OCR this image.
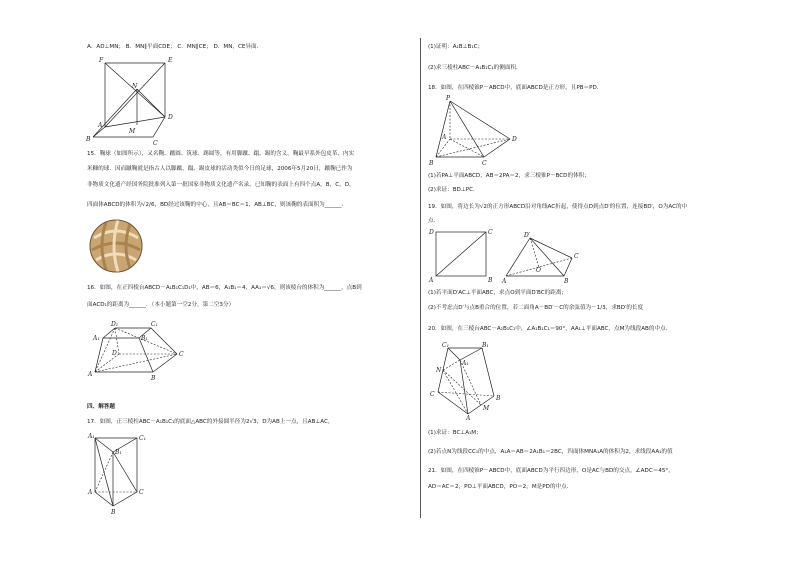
A．AD⊥MN； B．MN∥平面CDE； C．MN∥CE； D．MN，CE异面．
F	E
N
A
D
M
B
C
15．鞠球（如图所示），又名鞠、蹴圆、筑球、踢圆等，有用脚蹴、蹋、踢的含义，鞠最早系外包皮革、内实
米糠的球．因而蹴鞠就是指古人以脚蹴、蹋、踢皮球的活动类似今日的足球，2006年5月20日，蹴鞠已作为
非物质文化遗产经国务院批准列入第一批国家非物质文化遗产名录，已知鞠的表面上有四个点A，B，C，D，
四面体ABCD的体积为√2/6，BD经过该鞠的中心，且AB＝BC＝1，AB⊥BC，则该鞠的表面积为______．
16．如图，在正四棱台ABCD－A₁B₁C₁D₁中，AB＝6，A₁B₁＝4，AA₁＝√6，则该棱台的体积为______，点B到
面ACD₁的距离为______．（本小题第一空2分，第二空3分）
D₁	C₁
A₁	B₁
D	C
A
B
四、解答题
17．如图，正三棱柱ABC－A₁B₁C₁的底面△ABC的外接圆半径为2√3，D为AB上一点，且AB⊥AC，
A₁	C₁
B₁
A	C
B
(1)证明：A₁B⊥B₁C；
(2)求三棱柱ABC－A₁B₁C₁的侧面积．
18．如图，在四棱锥P－ABCD中，底面ABCD是正方形，且PB＝PD．
P
A
B	C
D
(1)若PA⊥平面ABCD，AB＝2PA＝2，求三棱锥P－BCD的体积；
(2)求证：BD⊥PC．
19．如图，将边长为√2的正方形ABCD沿对角线AC折起，使得点D到点D′的位置，连接BD′，O为AC的中
点．
D	C
A	B
D′
C
O
A	B
(1)若平面D′AC⊥平面ABC，求点O到平面D′BC的距离；
(2)不考虑点D′与点B重合的位置，若二面角A－BD′－C的余弦值为－1/3，求BD′的长度
20．如图，在三棱台ABC－A₁B₁C₁中，∠A₁B₁C₁＝90°，AA₁⊥平面ABC，点M为线段AB的中点．
C₁	B₁
A₁
N
C
B
M
A
(1)求证：BC⊥A₁M；
(2)若点N为线段CC₁的中点，A₁A＝AB＝2A₁B₁＝2BC，四面体MNA₁A的体积为2，求线段AA₁的值
21．如图，在四棱锥P－ABCD中，底面ABCD为平行四边形，O是AC与BD的交点，∠ADC＝45°，
AD＝AC＝2，PO⊥平面ABCD，PO＝2，M是PD的中点．
